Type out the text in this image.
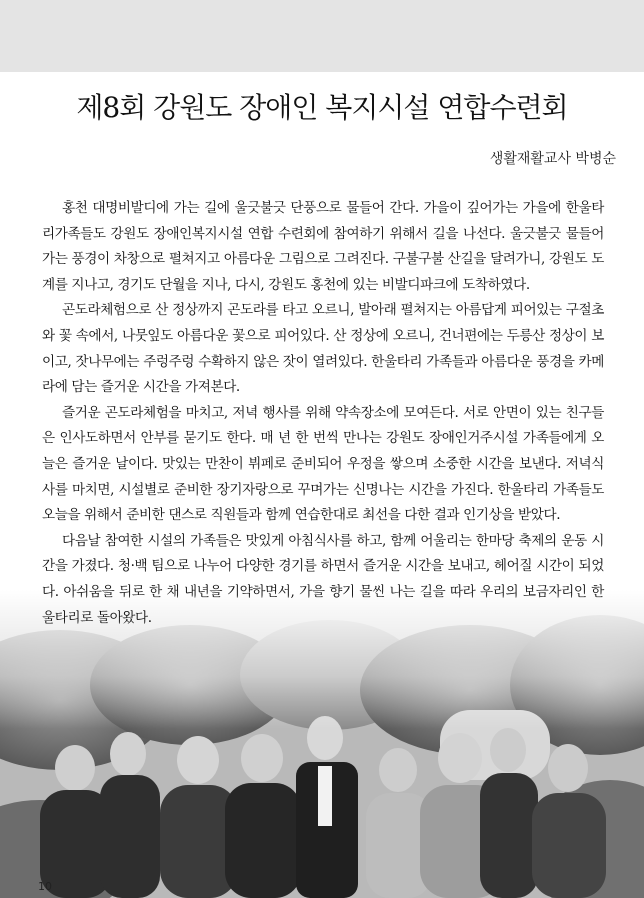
제8회 강원도 장애인 복지시설 연합수련회
생활재활교사 박병순

홍천 대명비발디에 가는 길에 울긋불긋 단풍으로 물들어 간다. 가을이 깊어가는 가을에 한울타리가족들도 강원도 장애인복지시설 연합 수련회에 참여하기 위해서 길을 나선다. 울긋불긋 물들어가는 풍경이 차창으로 펼쳐지고 아름다운 그림으로 그려진다. 구불구불 산길을 달려가니, 강원도 도계를 지나고, 경기도 단월을 지나, 다시, 강원도 홍천에 있는 비발디파크에 도착하였다.

곤도라체험으로 산 정상까지 곤도라를 타고 오르니, 발아래 펼쳐지는 아름답게 피어있는 구절초와 꽃 속에서, 나뭇잎도 아름다운 꽃으로 피어있다. 산 정상에 오르니, 건너편에는 두릉산 정상이 보이고, 잣나무에는 주렁주렁 수확하지 않은 잣이 열려있다. 한울타리 가족들과 아름다운 풍경을 카메라에 담는 즐거운 시간을 가져본다.

즐거운 곤도라체험을 마치고, 저녁 행사를 위해 약속장소에 모여든다. 서로 안면이 있는 친구들은 인사도하면서 안부를 묻기도 한다. 매 년 한 번씩 만나는 강원도 장애인거주시설 가족들에게 오늘은 즐거운 날이다. 맛있는 만찬이 뷔페로 준비되어 우정을 쌓으며 소중한 시간을 보낸다. 저녁식사를 마치면, 시설별로 준비한 장기자랑으로 꾸며가는 신명나는 시간을 가진다. 한울타리 가족들도 오늘을 위해서 준비한 댄스로 직원들과 함께 연습한대로 최선을 다한 결과 인기상을 받았다.

다음날 참여한 시설의 가족들은 맛있게 아침식사를 하고, 함께 어울리는 한마당 축제의 운동 시간을 가졌다. 청·백 팀으로 나누어 다양한 경기를 하면서 즐거운 시간을 보내고, 헤어질 시간이 되었다. 아쉬움을 뒤로 한 채 내년을 기약하면서, 가을 향기 물씬 나는 길을 따라 우리의 보금자리인 한울타리로 돌아왔다.

10
